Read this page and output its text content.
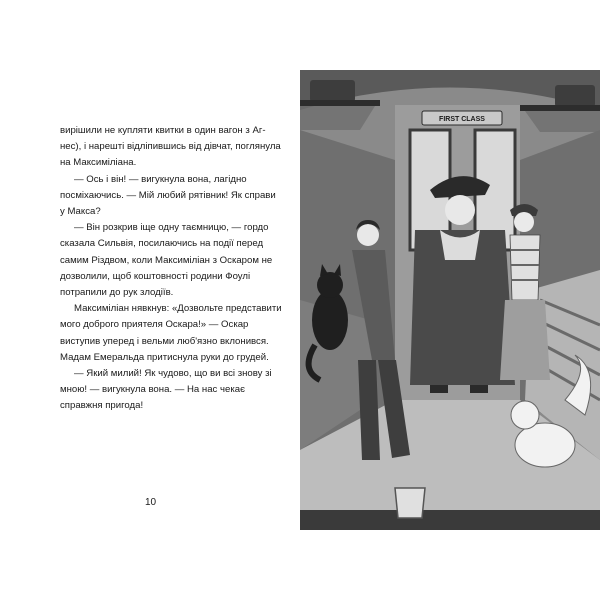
вирішили не купляти квитки в один вагон з Аг-
нес), і нарешті відліпившись від дівчат, поглянула на Максиміліана.

— Ось і він! — вигукнула вона, лагідно посміхаючись. — Мій любий рятівник! Як справи у Макса?

— Він розкрив іще одну таємницю, — гордо сказала Сильвія, посилаючись на події перед самим Різдвом, коли Максиміліан з Оскаром не дозволили, щоб коштовності родини Фоулі потрапили до рук злодіїв.

Максиміліан нявкнув: «Дозвольте представити мого доброго приятеля Оскара!» — Оскар виступив уперед і вельми люб'язно вклонився. Мадам Емеральда притиснула руки до грудей.

— Який милий! Як чудово, що ви всі знову зі мною! — вигукнула вона. — На нас чекає справжня пригода!

10
FIRST CLASS
